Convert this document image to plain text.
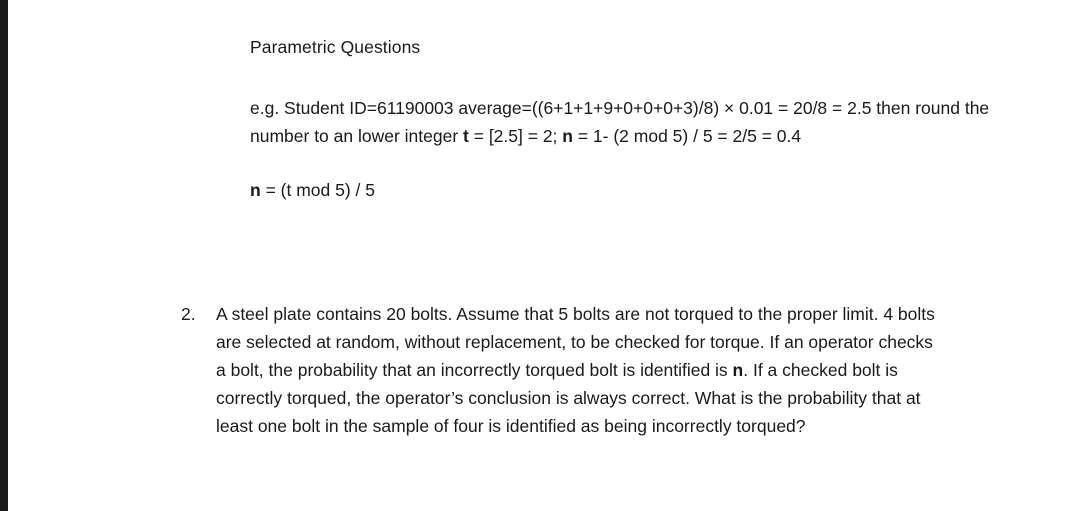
Parametric Questions
e.g. Student ID=61190003 average=((6+1+1+9+0+0+0+3)/8) × 0.01 = 20/8 = 2.5 then round the
number to an lower integer t = [2.5] = 2; n = 1- (2 mod 5) / 5 = 2/5 = 0.4
n = (t mod 5) / 5
2. A steel plate contains 20 bolts. Assume that 5 bolts are not torqued to the proper limit. 4 bolts
are selected at random, without replacement, to be checked for torque. If an operator checks
a bolt, the probability that an incorrectly torqued bolt is identified is n. If a checked bolt is
correctly torqued, the operator’s conclusion is always correct. What is the probability that at
least one bolt in the sample of four is identified as being incorrectly torqued?
